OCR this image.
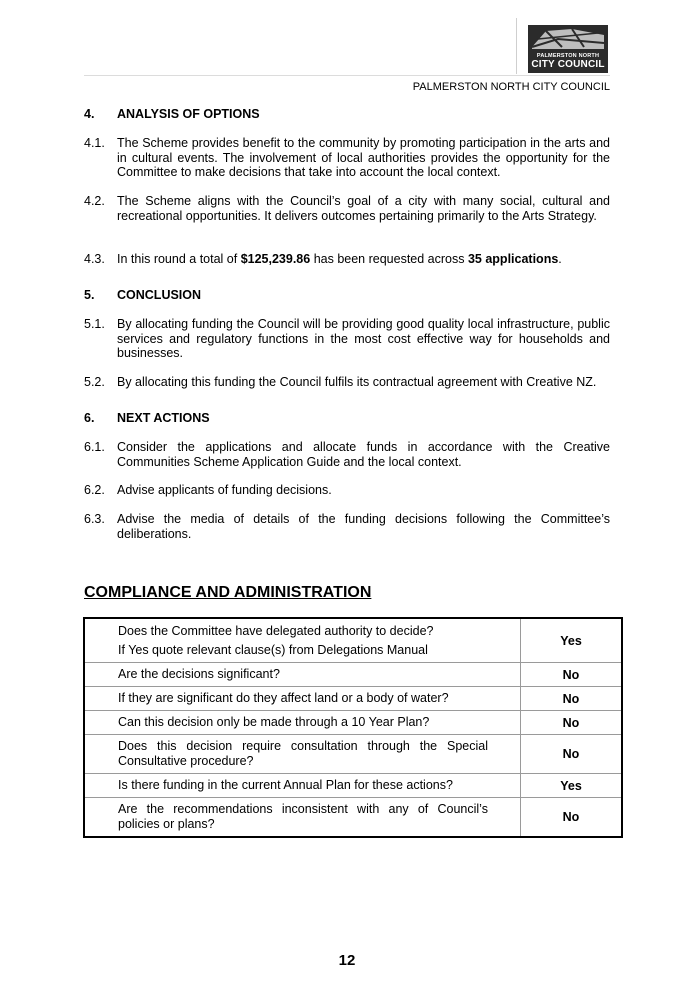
PALMERSTON NORTH
CITY COUNCIL
PALMERSTON NORTH CITY COUNCIL
4. ANALYSIS OF OPTIONS
4.1. The Scheme provides benefit to the community by promoting participation in the arts and in cultural events. The involvement of local authorities provides the opportunity for the Committee to make decisions that take into account the local context.
4.2. The Scheme aligns with the Council’s goal of a city with many social, cultural and recreational opportunities. It delivers outcomes pertaining primarily to the Arts Strategy.
4.3. In this round a total of $125,239.86 has been requested across 35 applications.
5. CONCLUSION
5.1. By allocating funding the Council will be providing good quality local infrastructure, public services and regulatory functions in the most cost effective way for households and businesses.
5.2. By allocating this funding the Council fulfils its contractual agreement with Creative NZ.
6. NEXT ACTIONS
6.1. Consider the applications and allocate funds in accordance with the Creative Communities Scheme Application Guide and the local context.
6.2. Advise applicants of funding decisions.
6.3. Advise the media of details of the funding decisions following the Committee’s deliberations.
COMPLIANCE AND ADMINISTRATION
Does the Committee have delegated authority to decide?
If Yes quote relevant clause(s) from Delegations Manual	Yes
Are the decisions significant?	No
If they are significant do they affect land or a body of water?	No
Can this decision only be made through a 10 Year Plan?	No
Does this decision require consultation through the Special Consultative procedure?	No
Is there funding in the current Annual Plan for these actions?	Yes
Are the recommendations inconsistent with any of Council’s policies or plans?	No
12
